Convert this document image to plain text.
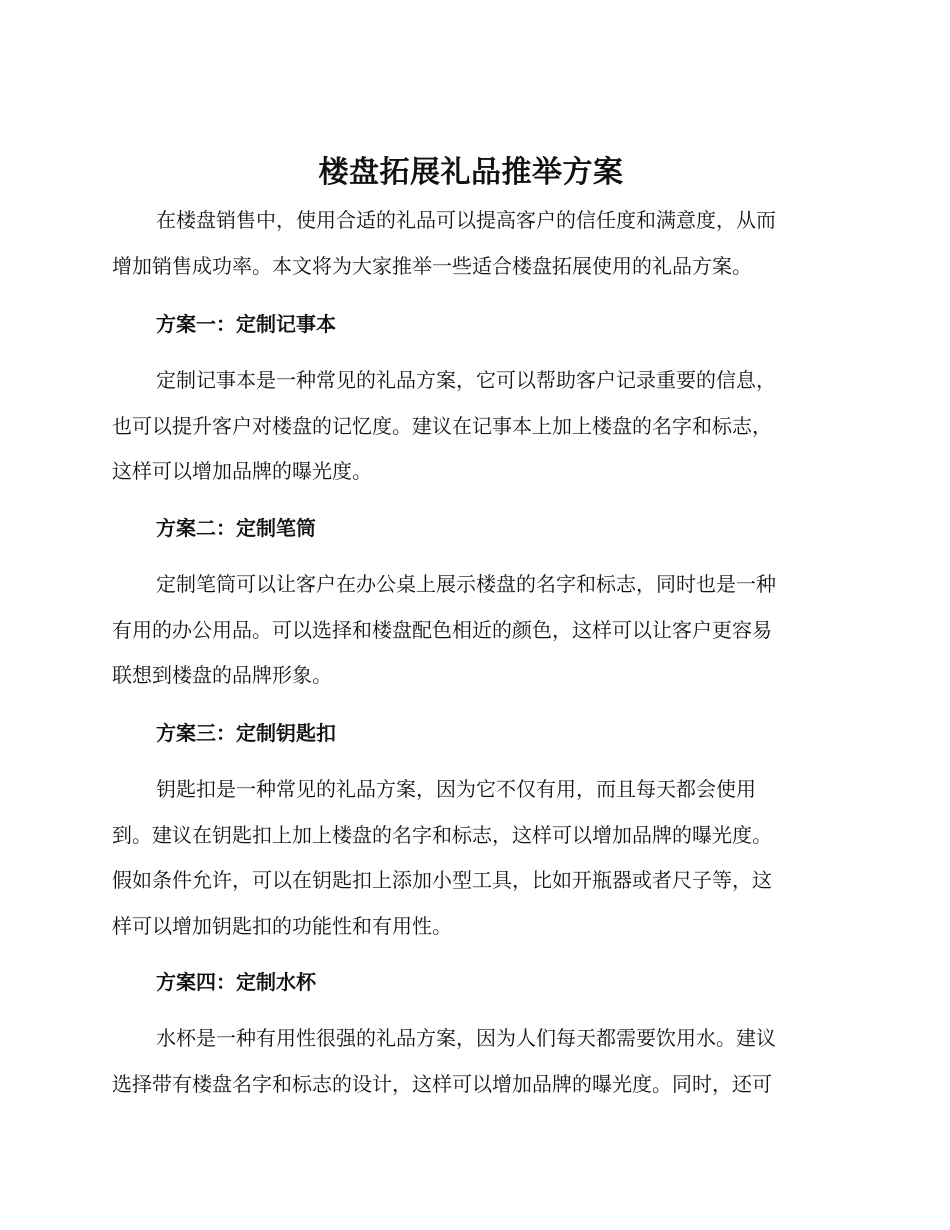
楼盘拓展礼品推举方案

在楼盘销售中，使用合适的礼品可以提高客户的信任度和满意度，从而
增加销售成功率。本文将为大家推举一些适合楼盘拓展使用的礼品方案。

方案一：定制记事本

定制记事本是一种常见的礼品方案，它可以帮助客户记录重要的信息，
也可以提升客户对楼盘的记忆度。建议在记事本上加上楼盘的名字和标志，
这样可以增加品牌的曝光度。

方案二：定制笔筒

定制笔筒可以让客户在办公桌上展示楼盘的名字和标志，同时也是一种
有用的办公用品。可以选择和楼盘配色相近的颜色，这样可以让客户更容易
联想到楼盘的品牌形象。

方案三：定制钥匙扣

钥匙扣是一种常见的礼品方案，因为它不仅有用，而且每天都会使用
到。建议在钥匙扣上加上楼盘的名字和标志，这样可以增加品牌的曝光度。
假如条件允许，可以在钥匙扣上添加小型工具，比如开瓶器或者尺子等，这
样可以增加钥匙扣的功能性和有用性。

方案四：定制水杯

水杯是一种有用性很强的礼品方案，因为人们每天都需要饮用水。建议
选择带有楼盘名字和标志的设计，这样可以增加品牌的曝光度。同时，还可
